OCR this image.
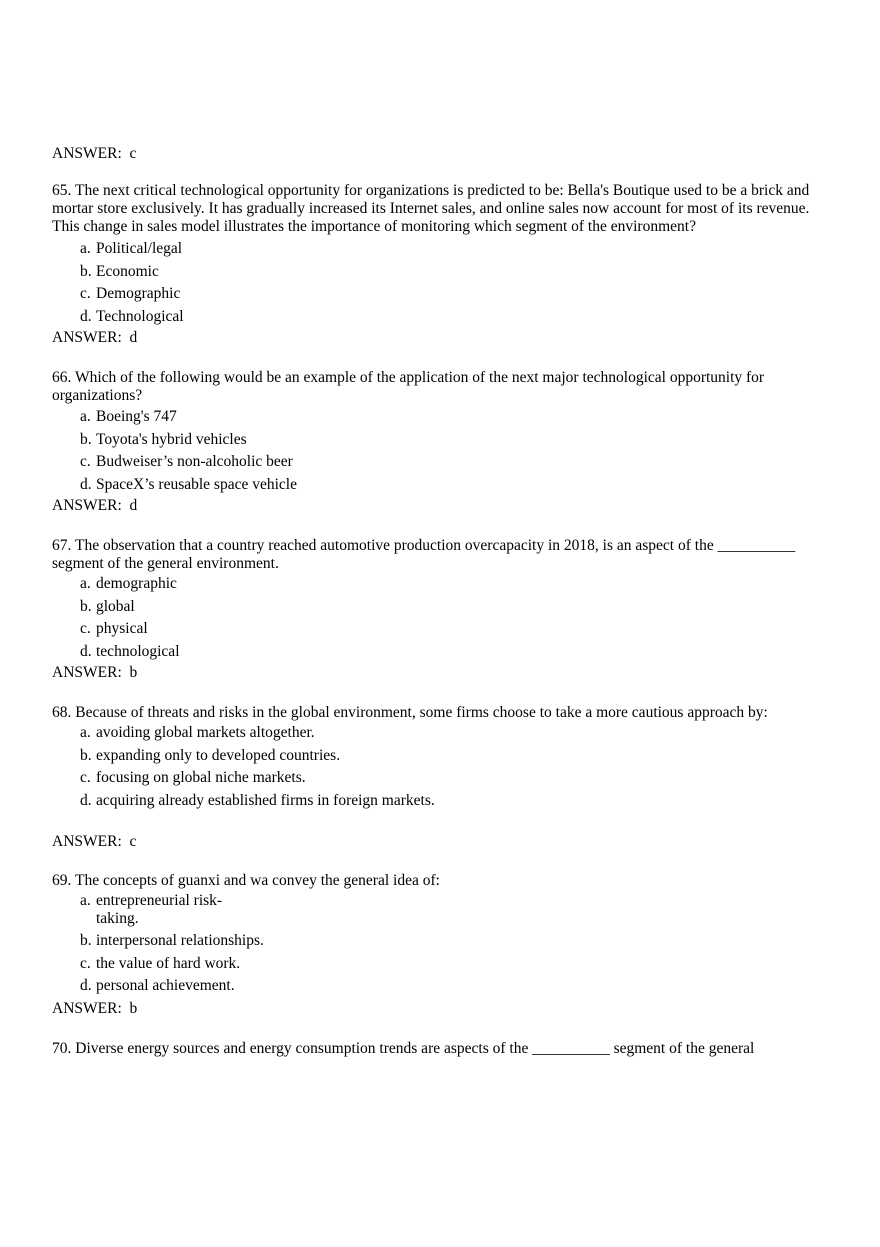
ANSWER:  c

65. The next critical technological opportunity for organizations is predicted to be: Bella's Boutique used to be a brick and mortar store exclusively. It has gradually increased its Internet sales, and online sales now account for most of its revenue. This change in sales model illustrates the importance of monitoring which segment of the environment?

a. Political/legal

b. Economic

c. Demographic

d. Technological

ANSWER:  d

66. Which of the following would be an example of the application of the next major technological opportunity for organizations?

a. Boeing's 747

b. Toyota's hybrid vehicles

c. Budweiser’s non-alcoholic beer

d. SpaceX’s reusable space vehicle

ANSWER:  d

67. The observation that a country reached automotive production overcapacity in 2018, is an aspect of the __________ segment of the general environment.

a. demographic

b. global

c. physical

d. technological

ANSWER:  b

68. Because of threats and risks in the global environment, some firms choose to take a more cautious approach by:

a. avoiding global markets altogether.

b. expanding only to developed countries.

c. focusing on global niche markets.

d. acquiring already established firms in foreign markets.

ANSWER:  c

69. The concepts of guanxi and wa convey the general idea of:

a. entrepreneurial risk-taking.

b. interpersonal relationships.

c. the value of hard work.

d. personal achievement.

ANSWER:  b

70. Diverse energy sources and energy consumption trends are aspects of the __________ segment of the general
